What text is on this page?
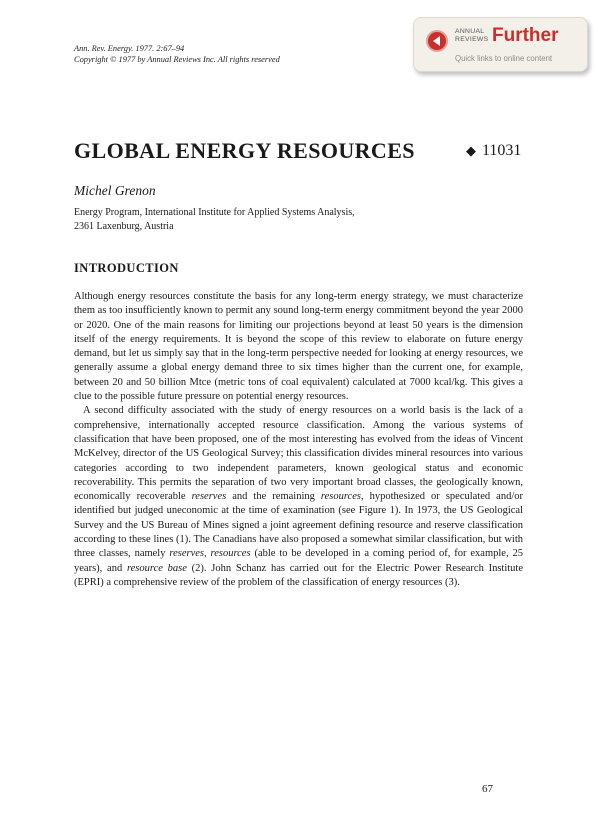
Ann. Rev. Energy. 1977. 2:67–94
Copyright © 1977 by Annual Reviews Inc. All rights reserved
ANNUAL
REVIEWS Further
Quick links to online content
GLOBAL ENERGY RESOURCES	◆ 11031
Michel Grenon
Energy Program, International Institute for Applied Systems Analysis,
2361 Laxenburg, Austria
INTRODUCTION

Although energy resources constitute the basis for any long-term energy strategy, we must characterize them as too insufficiently known to permit any sound long-term energy commitment beyond the year 2000 or 2020. One of the main reasons for limiting our projections beyond at least 50 years is the dimension itself of the energy requirements. It is beyond the scope of this review to elaborate on future energy demand, but let us simply say that in the long-term perspective needed for looking at energy resources, we generally assume a global energy demand three to six times higher than the current one, for example, between 20 and 50 billion Mtce (metric tons of coal equivalent) calculated at 7000 kcal/kg. This gives a clue to the possible future pressure on potential energy resources.

A second difficulty associated with the study of energy resources on a world basis is the lack of a comprehensive, internationally accepted resource classification. Among the various systems of classification that have been proposed, one of the most interesting has evolved from the ideas of Vincent McKelvey, director of the US Geological Survey; this classification divides mineral resources into various categories according to two independent parameters, known geological status and economic recoverability. This permits the separation of two very important broad classes, the geologically known, economically recoverable reserves and the remaining resources, hypothesized or speculated and/or identified but judged uneconomic at the time of examination (see Figure 1). In 1973, the US Geological Survey and the US Bureau of Mines signed a joint agreement defining resource and reserve classification according to these lines (1). The Canadians have also proposed a somewhat similar classification, but with three classes, namely reserves, resources (able to be developed in a coming period of, for example, 25 years), and resource base (2). John Schanz has carried out for the Electric Power Research Institute (EPRI) a comprehensive review of the problem of the classification of energy resources (3).

67
